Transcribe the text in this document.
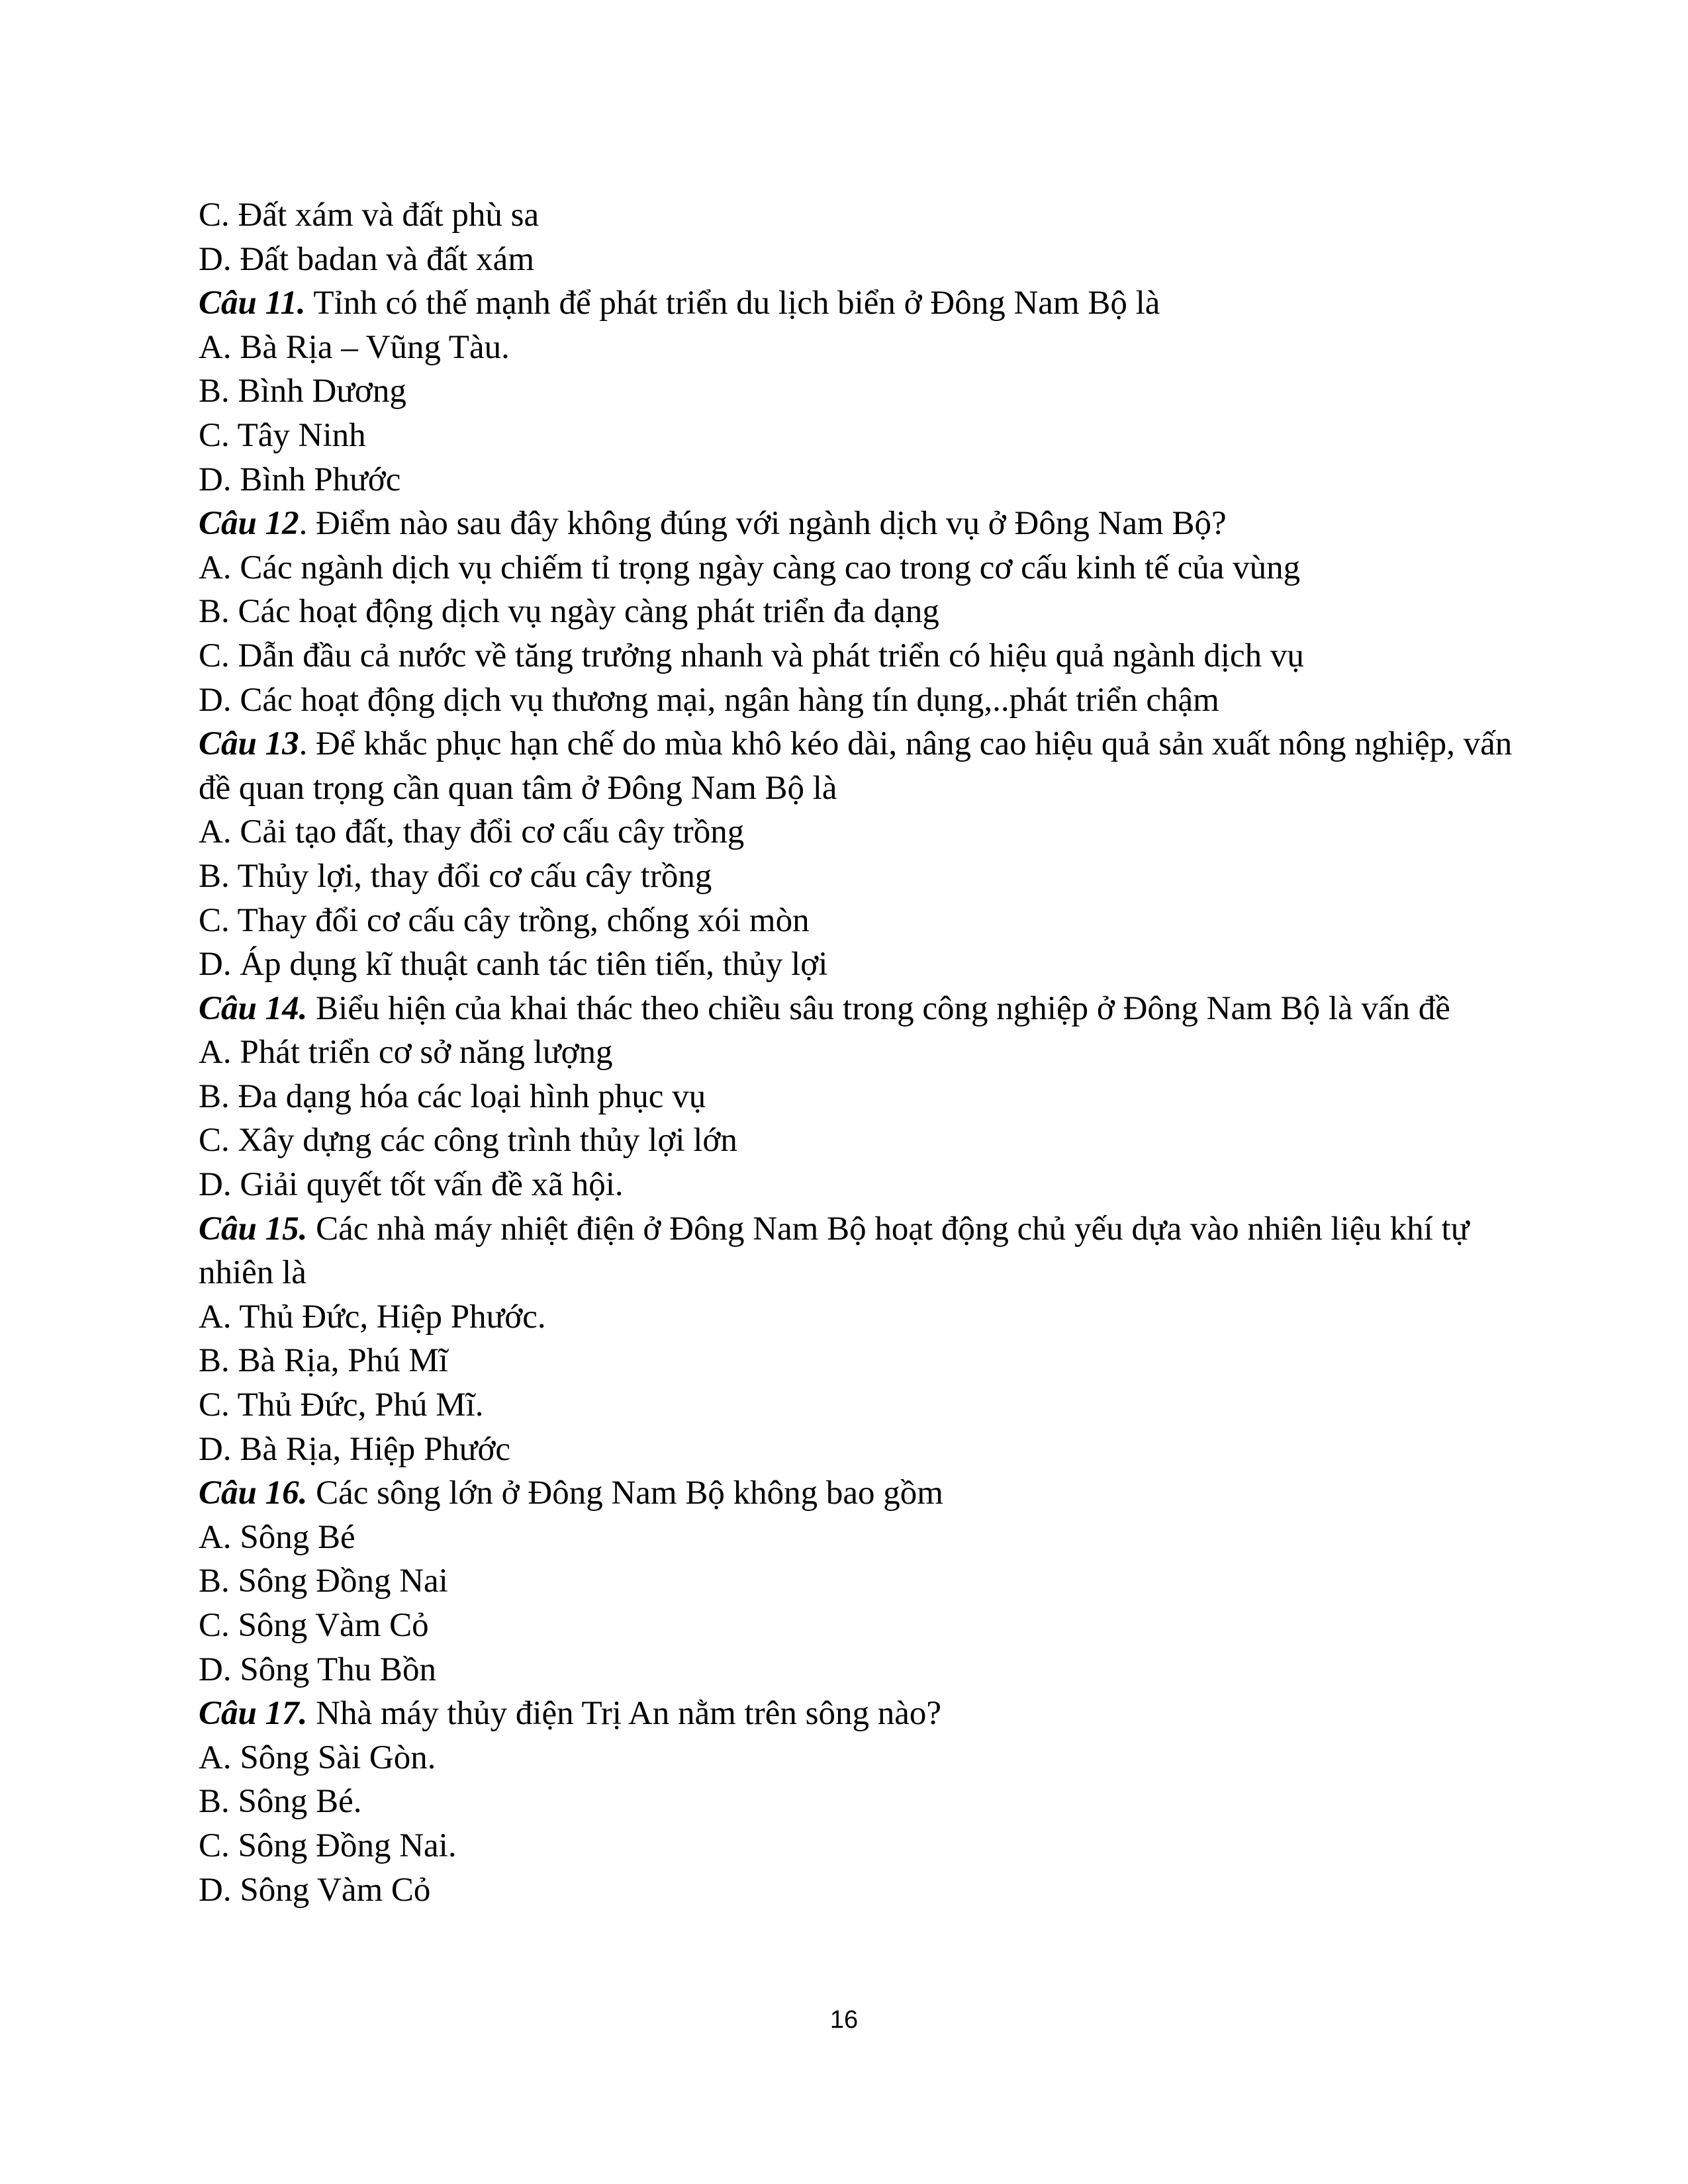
C. Đất xám và đất phù sa
D. Đất badan và đất xám
Câu 11. Tỉnh có thế mạnh để phát triển du lịch biển ở Đông Nam Bộ là
A. Bà Rịa – Vũng Tàu.
B. Bình Dương
C. Tây Ninh
D. Bình Phước
Câu 12. Điểm nào sau đây không đúng với ngành dịch vụ ở Đông Nam Bộ?
A. Các ngành dịch vụ chiếm tỉ trọng ngày càng cao trong cơ cấu kinh tế của vùng
B. Các hoạt động dịch vụ ngày càng phát triển đa dạng
C. Dẫn đầu cả nước về tăng trưởng nhanh và phát triển có hiệu quả ngành dịch vụ
D. Các hoạt động dịch vụ thương mại, ngân hàng tín dụng,..phát triển chậm
Câu 13. Để khắc phục hạn chế do mùa khô kéo dài, nâng cao hiệu quả sản xuất nông nghiệp, vấn đề quan trọng cần quan tâm ở Đông Nam Bộ là
A. Cải tạo đất, thay đổi cơ cấu cây trồng
B. Thủy lợi, thay đổi cơ cấu cây trồng
C. Thay đổi cơ cấu cây trồng, chống xói mòn
D. Áp dụng kĩ thuật canh tác tiên tiến, thủy lợi
Câu 14. Biểu hiện của khai thác theo chiều sâu trong công nghiệp ở Đông Nam Bộ là vấn đề
A. Phát triển cơ sở năng lượng
B. Đa dạng hóa các loại hình phục vụ
C. Xây dựng các công trình thủy lợi lớn
D. Giải quyết tốt vấn đề xã hội.
Câu 15. Các nhà máy nhiệt điện ở Đông Nam Bộ hoạt động chủ yếu dựa vào nhiên liệu khí tự nhiên là
A. Thủ Đức, Hiệp Phước.
B. Bà Rịa, Phú Mĩ
C. Thủ Đức, Phú Mĩ.
D. Bà Rịa, Hiệp Phước
Câu 16. Các sông lớn ở Đông Nam Bộ không bao gồm
A. Sông Bé
B. Sông Đồng Nai
C. Sông Vàm Cỏ
D. Sông Thu Bồn
Câu 17. Nhà máy thủy điện Trị An nằm trên sông nào?
A. Sông Sài Gòn.
B. Sông Bé.
C. Sông Đồng Nai.
D. Sông Vàm Cỏ
16
